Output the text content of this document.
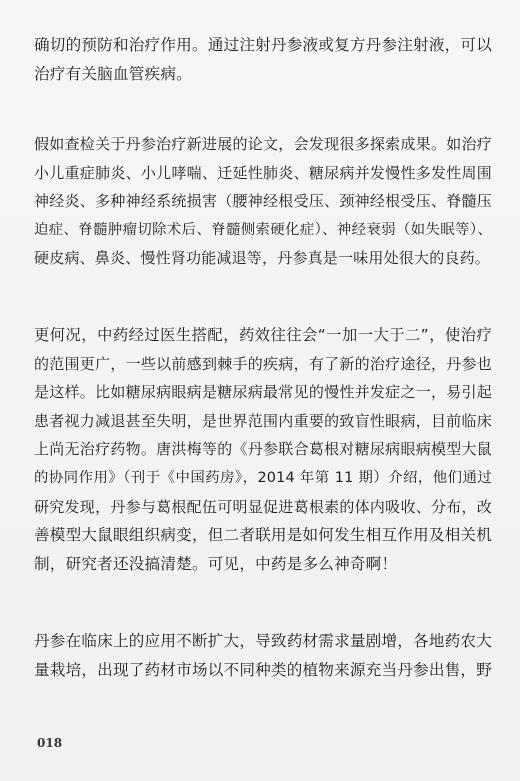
确切的预防和治疗作用。通过注射丹参液或复方丹参注射液，可以
治疗有关脑血管疾病。
假如查检关于丹参治疗新进展的论文，会发现很多探索成果。如治疗
小儿重症肺炎、小儿哮喘、迁延性肺炎、糖尿病并发慢性多发性周围
神经炎、多种神经系统损害（腰神经根受压、颈神经根受压、脊髓压
迫症、脊髓肿瘤切除术后、脊髓侧索硬化症）、神经衰弱（如失眠等）、
硬皮病、鼻炎、慢性肾功能减退等，丹参真是一味用处很大的良药。
更何况，中药经过医生搭配，药效往往会“一加一大于二”，使治疗
的范围更广，一些以前感到棘手的疾病，有了新的治疗途径，丹参也
是这样。比如糖尿病眼病是糖尿病最常见的慢性并发症之一，易引起
患者视力减退甚至失明，是世界范围内重要的致盲性眼病，目前临床
上尚无治疗药物。唐洪梅等的《丹参联合葛根对糖尿病眼病模型大鼠
的协同作用》（刊于《中国药房》，2014 年第 11 期）介绍，他们通过
研究发现，丹参与葛根配伍可明显促进葛根素的体内吸收、分布，改
善模型大鼠眼组织病变，但二者联用是如何发生相互作用及相关机
制，研究者还没搞清楚。可见，中药是多么神奇啊！
丹参在临床上的应用不断扩大，导致药材需求量剧增，各地药农大
量栽培，出现了药材市场以不同种类的植物来源充当丹参出售，野
018
